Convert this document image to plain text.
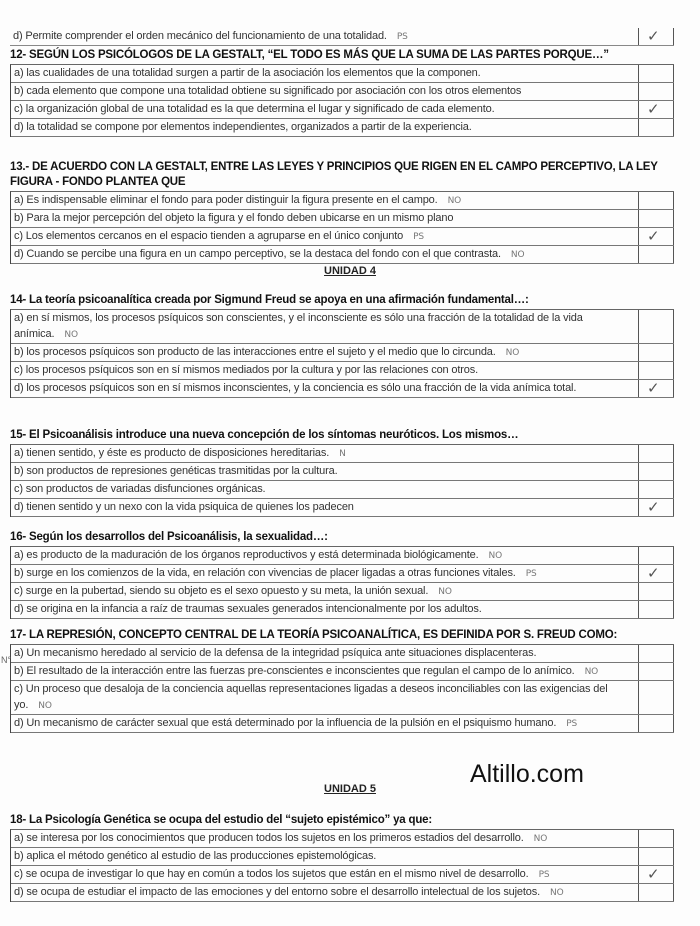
d) Permite comprender el orden mecánico del funcionamiento de una totalidad. PS	✓
12- SEGÚN LOS PSICÓLOGOS DE LA GESTALT, “EL TODO ES MÁS QUE LA SUMA DE LAS PARTES PORQUE…”
a) las cualidades de una totalidad surgen a partir de la asociación los elementos que la componen.
b) cada elemento que compone una totalidad obtiene su significado por asociación con los otros elementos
c) la organización global de una totalidad es la que determina el lugar y significado de cada elemento.	✓
d) la totalidad se compone por elementos independientes, organizados a partir de la experiencia.
13.- DE ACUERDO CON LA GESTALT, ENTRE LAS LEYES Y PRINCIPIOS QUE RIGEN EN EL CAMPO PERCEPTIVO, LA LEY FIGURA - FONDO PLANTEA QUE
a) Es indispensable eliminar el fondo para poder distinguir la figura presente en el campo. NO
b) Para la mejor percepción del objeto la figura y el fondo deben ubicarse en un mismo plano
c) Los elementos cercanos en el espacio tienden a agruparse en el único conjunto PS	✓
d) Cuando se percibe una figura en un campo perceptivo, se la destaca del fondo con el que contrasta. NO
14- La teoría psicoanalítica creada por Sigmund Freud se apoya en una afirmación fundamental…:
a) en sí mismos, los procesos psíquicos son conscientes, y el inconsciente es sólo una fracción de la totalidad de la vida anímica. NO
b) los procesos psíquicos son producto de las interacciones entre el sujeto y el medio que lo circunda. NO
c) los procesos psíquicos son en sí mismos mediados por la cultura y por las relaciones con otros.
d) los procesos psíquicos son en sí mismos inconscientes, y la conciencia es sólo una fracción de la vida anímica total.	✓
15- El Psicoanálisis introduce una nueva concepción de los síntomas neuróticos. Los mismos…
a) tienen sentido, y éste es producto de disposiciones hereditarias. N
b) son productos de represiones genéticas trasmitidas por la cultura.
c) son productos de variadas disfunciones orgánicas.
d) tienen sentido y un nexo con la vida psiquica de quienes los padecen	✓
16- Según los desarrollos del Psicoanálisis, la sexualidad…:
a) es producto de la maduración de los órganos reproductivos y está determinada biológicamente. NO
b) surge en los comienzos de la vida, en relación con vivencias de placer ligadas a otras funciones vitales. PS	✓
c) surge en la pubertad, siendo su objeto es el sexo opuesto y su meta, la unión sexual. NO
d) se origina en la infancia a raíz de traumas sexuales generados intencionalmente por los adultos.
17- LA REPRESIÓN, CONCEPTO CENTRAL DE LA TEORÍA PSICOANALÍTICA, ES DEFINIDA POR S. FREUD COMO:
a) Un mecanismo heredado al servicio de la defensa de la integridad psíquica ante situaciones displacenteras.
b) El resultado de la interacción entre las fuerzas pre-conscientes e inconscientes que regulan el campo de lo anímico. NO
c) Un proceso que desaloja de la conciencia aquellas representaciones ligadas a deseos inconciliables con las exigencias del yo. NO
d) Un mecanismo de carácter sexual que está determinado por la influencia de la pulsión en el psiquismo humano. PS
18- La Psicología Genética se ocupa del estudio del “sujeto epistémico” ya que:
a) se interesa por los conocimientos que producen todos los sujetos en los primeros estadios del desarrollo. NO
b) aplica el método genético al estudio de las producciones epistemológicas.
c) se ocupa de investigar lo que hay en común a todos los sujetos que están en el mismo nivel de desarrollo. PS	✓
d) se ocupa de estudiar el impacto de las emociones y del entorno sobre el desarrollo intelectual de los sujetos. NO
UNIDAD 4
UNIDAD 5
Altillo.com
N°
